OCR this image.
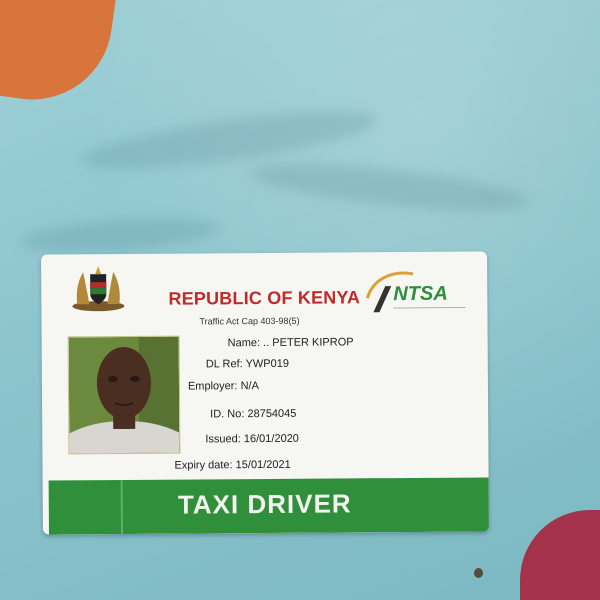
NTSA
REPUBLIC OF KENYA
Traffic Act Cap 403-98(5)
Name: .. PETER KIPROP
DL Ref: YWP019
Employer: N/A
ID. No: 28754045
Issued: 16/01/2020
Expiry date: 15/01/2021
TAXI DRIVER
